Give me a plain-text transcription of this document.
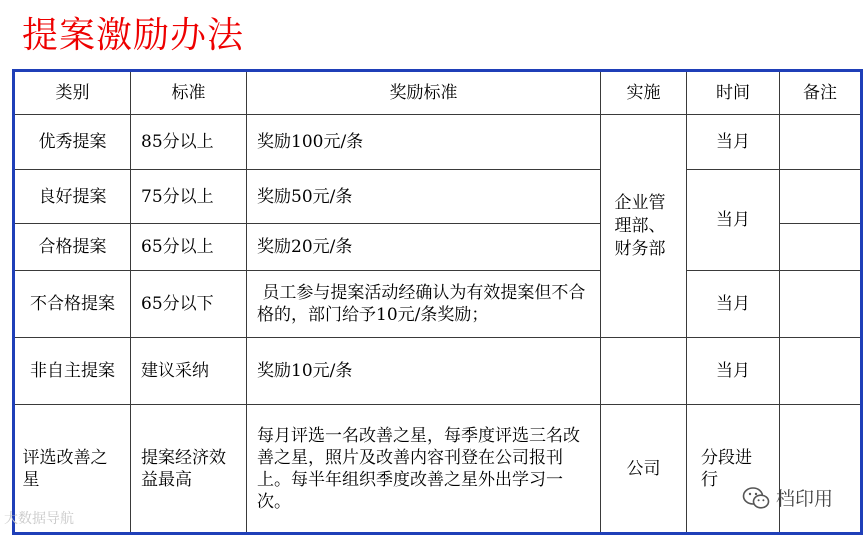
提案激励办法
类别	标准	奖励标准	实施	时间	备注
优秀提案	85分以上	奖励100元/条	企业管理部、财务部	当月	
良好提案	75分以上	奖励50元/条		当月	
合格提案	65分以上	奖励20元/条			
不合格提案	65分以下	员工参与提案活动经确认为有效提案但不合格的，部门给予10元/条奖励；		当月	
非自主提案	建议采纳	奖励10元/条		当月	

评选改善之星	提案经济效益最高	每月评选一名改善之星，每季度评选三名改善之星，照片及改善内容刊登在公司报刊上。每半年组织季度改善之星外出学习一次。	公司	分段进行	

大数据导航
档印用
